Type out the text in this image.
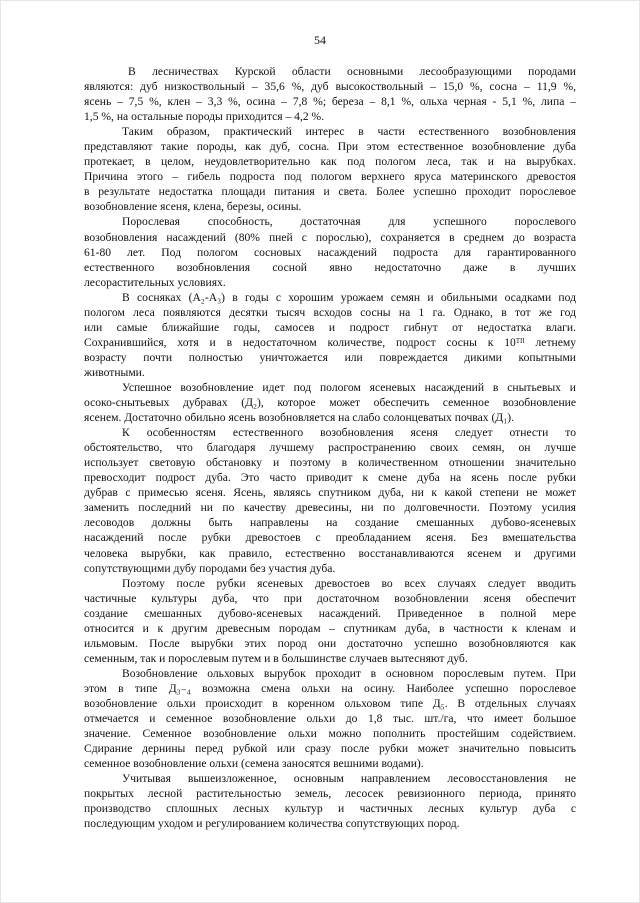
54
В лесничествах Курской области основными лесообразующими породами
являются: дуб низкоствольный – 35,6 %, дуб высокоствольный – 15,0 %, сосна – 11,9 %,
ясень – 7,5 %, клен – 3,3 %, осина – 7,8 %; береза – 8,1 %, ольха черная - 5,1 %, липа –
1,5 %, на остальные породы приходится – 4,2 %.
Таким образом, практический интерес в части естественного возобновления
представляют такие породы, как дуб, сосна. При этом естественное возобновление дуба
протекает, в целом, неудовлетворительно как под пологом леса, так и на вырубках.
Причина этого – гибель подроста под пологом верхнего яруса материнского древостоя
в результате недостатка площади питания и света. Более успешно проходит порослевое
возобновление ясеня, клена, березы, осины.
Порослевая способность, достаточная для успешного порослевого
возобновления насаждений (80% пней с порослью), сохраняется в среднем до возраста
61-80 лет. Под пологом сосновых насаждений подроста для гарантированного
естественного возобновления сосной явно недостаточно даже в лучших
лесорастительных условиях.
В сосняках (А₂-А₃) в годы с хорошим урожаем семян и обильными осадками под
пологом леса появляются десятки тысяч всходов сосны на 1 га. Однако, в тот же год
или самые ближайшие годы, самосев и подрост гибнут от недостатка влаги.
Сохранившийся, хотя и в недостаточном количестве, подрост сосны к 10ᵀᴵᴵ летнему
возрасту почти полностью уничтожается или повреждается дикими копытными
животными.
Успешное возобновление идет под пологом ясеневых насаждений в снытьевых и
осоко-снытьевых дубравах (Д₂), которое может обеспечить семенное возобновление
ясенем. Достаточно обильно ясень возобновляется на слабо солонцеватых почвах (Д₁).
К особенностям естественного возобновления ясеня следует отнести то
обстоятельство, что благодаря лучшему распространению своих семян, он лучше
использует световую обстановку и поэтому в количественном отношении значительно
превосходит подрост дуба. Это часто приводит к смене дуба на ясень после рубки
дубрав с примесью ясеня. Ясень, являясь спутником дуба, ни к какой степени не может
заменить последний ни по качеству древесины, ни по долговечности. Поэтому усилия
лесоводов должны быть направлены на создание смешанных дубово-ясеневых
насаждений после рубки древостоев с преобладанием ясеня. Без вмешательства
человека вырубки, как правило, естественно восстанавливаются ясенем и другими
сопутствующими дубу породами без участия дуба.
Поэтому после рубки ясеневых древостоев во всех случаях следует вводить
частичные культуры дуба, что при достаточном возобновлении ясеня обеспечит
создание смешанных дубово-ясеневых насаждений. Приведенное в полной мере
относится и к другим древесным породам – спутникам дуба, в частности к кленам и
ильмовым. После вырубки этих пород они достаточно успешно возобновляются как
семенным, так и порослевым путем и в большинстве случаев вытесняют дуб.
Возобновление ольховых вырубок проходит в основном порослевым путем. При
этом в типе Д₃₋₄ возможна смена ольхи на осину. Наиболее успешно порослевое
возобновление ольхи происходит в коренном ольховом типе Д₅. В отдельных случаях
отмечается и семенное возобновление ольхи до 1,8 тыс. шт./га, что имеет большое
значение. Семенное возобновление ольхи можно пополнить простейшим содействием.
Сдирание дернины перед рубкой или сразу после рубки может значительно повысить
семенное возобновление ольхи (семена заносятся вешними водами).
Учитывая вышеизложенное, основным направлением лесовосстановления не
покрытых лесной растительностью земель, лесосек ревизионного периода, принято
производство сплошных лесных культур и частичных лесных культур дуба с
последующим уходом и регулированием количества сопутствующих пород.
